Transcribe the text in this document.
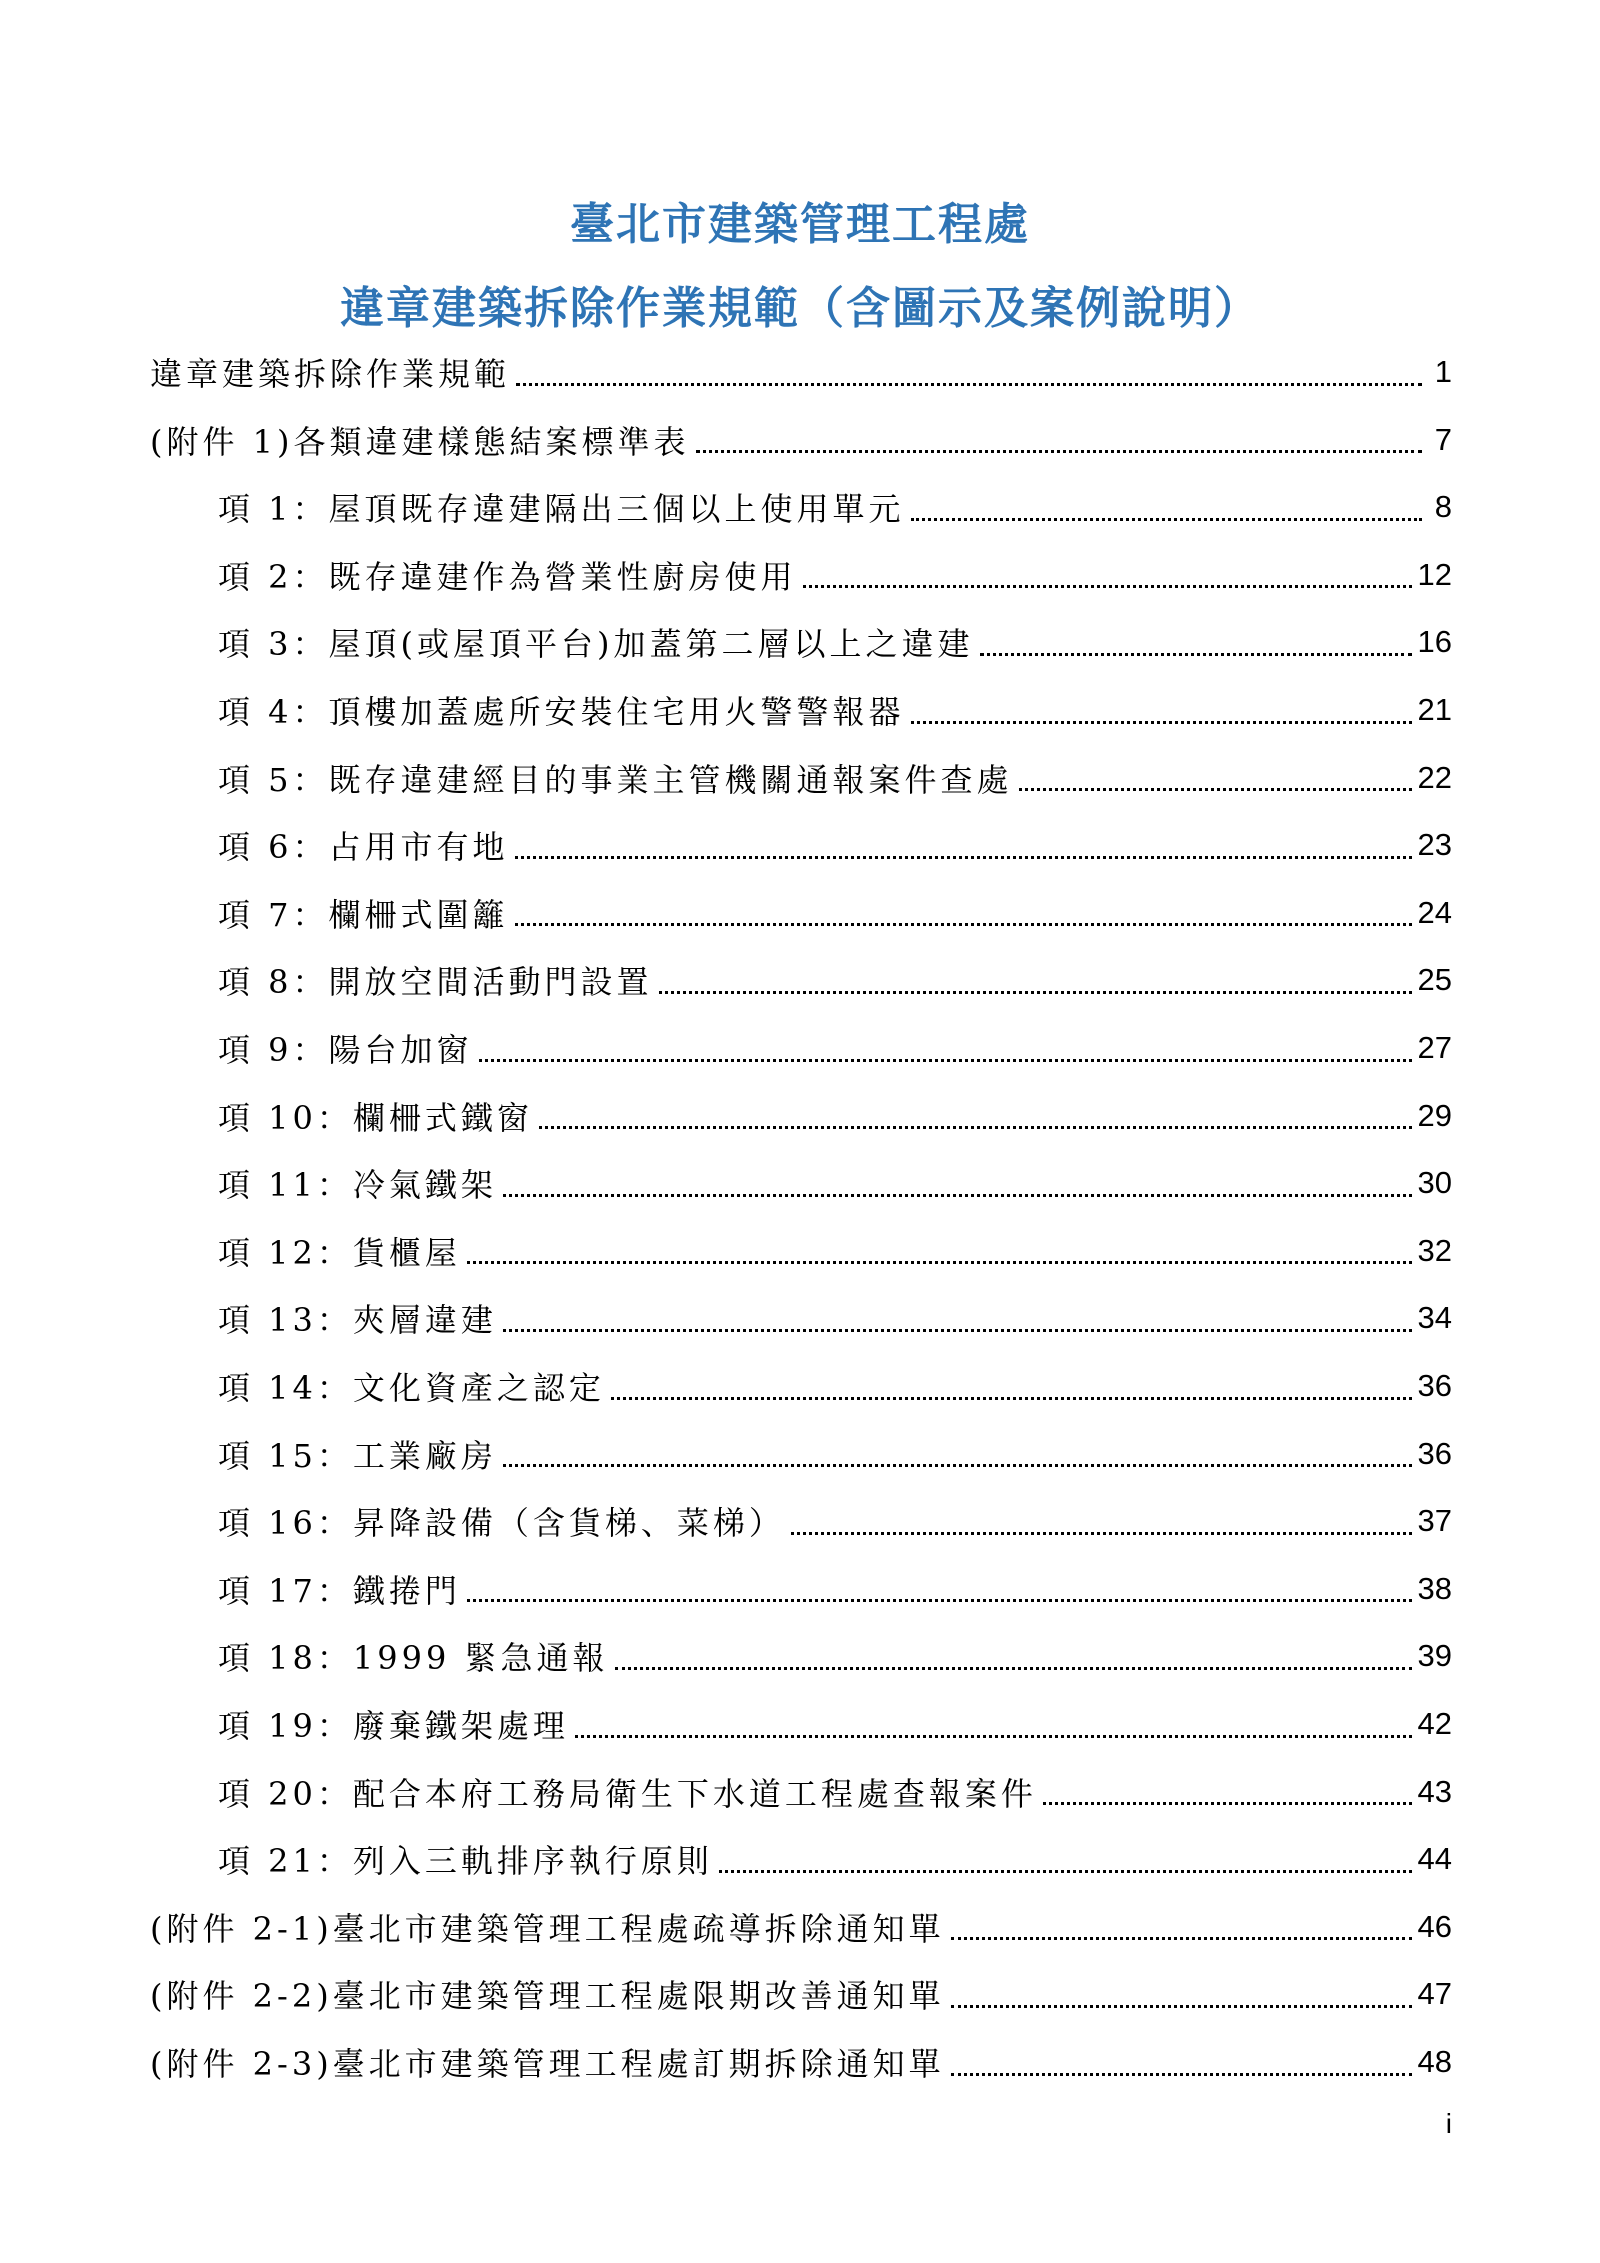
臺北市建築管理工程處
違章建築拆除作業規範（含圖示及案例說明）
違章建築拆除作業規範	1
(附件 1)各類違建樣態結案標準表	7
項 1：屋頂既存違建隔出三個以上使用單元	8
項 2：既存違建作為營業性廚房使用	12
項 3：屋頂(或屋頂平台)加蓋第二層以上之違建	16
項 4：頂樓加蓋處所安裝住宅用火警警報器	21
項 5：既存違建經目的事業主管機關通報案件查處	22
項 6：占用市有地	23
項 7：欄柵式圍籬	24
項 8：開放空間活動門設置	25
項 9：陽台加窗	27
項 10：欄柵式鐵窗	29
項 11：冷氣鐵架	30
項 12：貨櫃屋	32
項 13：夾層違建	34
項 14：文化資產之認定	36
項 15：工業廠房	36
項 16：昇降設備（含貨梯、菜梯）	37
項 17：鐵捲門	38
項 18：1999 緊急通報	39
項 19：廢棄鐵架處理	42
項 20：配合本府工務局衛生下水道工程處查報案件	43
項 21：列入三軌排序執行原則	44
(附件 2-1)臺北市建築管理工程處疏導拆除通知單	46
(附件 2-2)臺北市建築管理工程處限期改善通知單	47
(附件 2-3)臺北市建築管理工程處訂期拆除通知單	48
i
